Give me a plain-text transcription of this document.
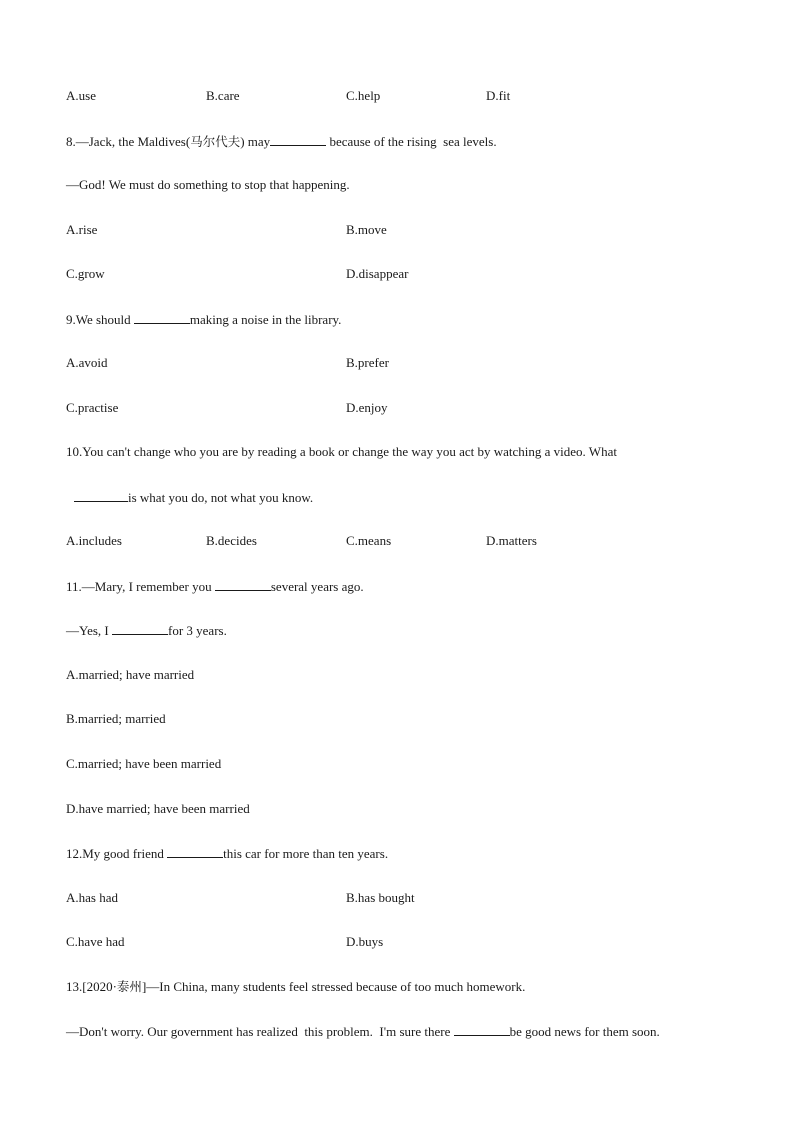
A.use	B.care	C.help	D.fit
8.—Jack, the Maldives(马尔代夫) may	because of the rising  sea levels.
—God! We must do something to stop that happening.
A.rise	B.move
C.grow	D.disappear
9.We should	making a noise in the library.
A.avoid	B.prefer
C.practise	D.enjoy
10.You can't change who you are by reading a book or change the way you act by watching a video. What
is what you do, not what you know.
A.includes	B.decides	C.means	D.matters
11.—Mary, I remember you	several years ago.
—Yes, I	for 3 years.
A.married; have married
B.married; married
C.married; have been married
D.have married; have been married
12.My good friend	this car for more than ten years.
A.has had	B.has bought
C.have had	D.buys
13.[2020·泰州]—In China, many students feel stressed because of too much homework.
—Don't worry. Our government has realized  this problem.  I'm sure there	be good news for them soon.
